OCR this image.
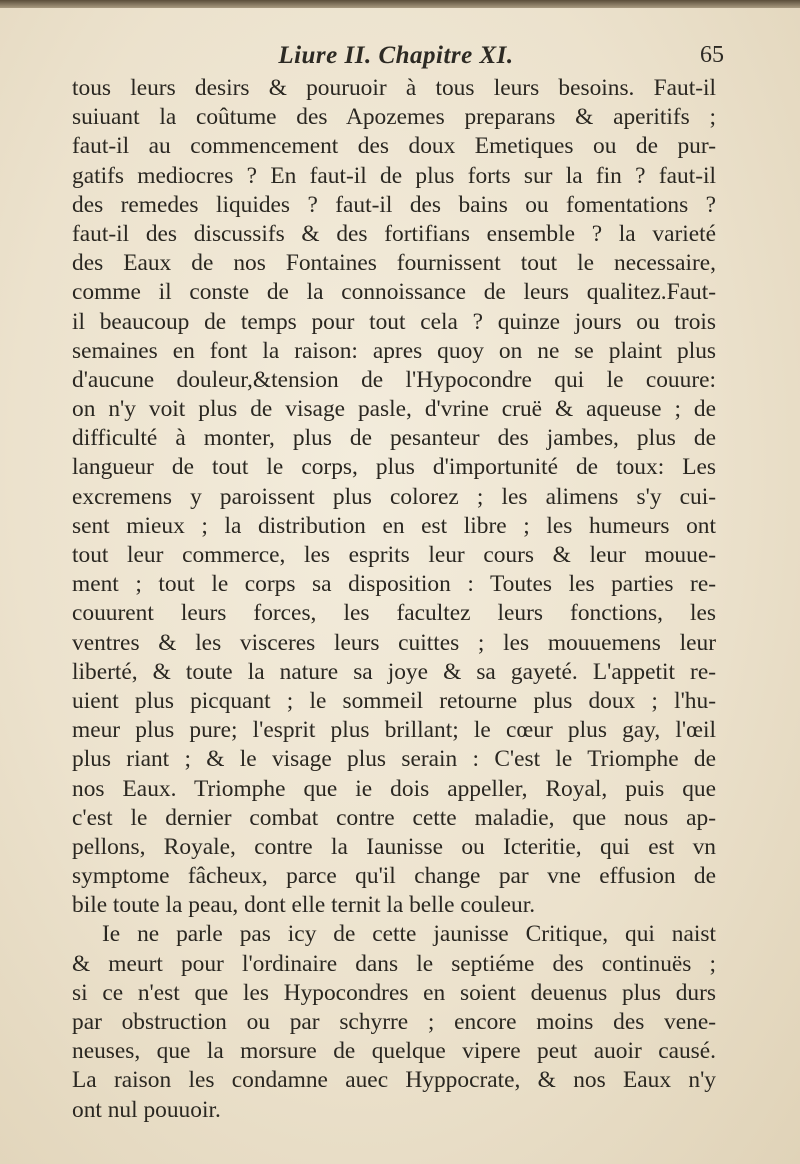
Liure II. Chapitre XI.	65
tous leurs desirs & pouruoir à tous leurs besoins. Faut-il
suiuant la coûtume des Apozemes preparans & aperitifs ;
faut-il au commencement des doux Emetiques ou de pur-
gatifs mediocres ? En faut-il de plus forts sur la fin ? faut-il
des remedes liquides ? faut-il des bains ou fomentations ?
faut-il des discussifs & des fortifians ensemble ? la varieté
des Eaux de nos Fontaines fournissent tout le necessaire,
comme il conste de la connoissance de leurs qualitez.Faut-
il beaucoup de temps pour tout cela ? quinze jours ou trois
semaines en font la raison: apres quoy on ne se plaint plus
d'aucune douleur,&tension de l'Hypocondre qui le couure:
on n'y voit plus de visage pasle, d'vrine cruë & aqueuse ; de
difficulté à monter, plus de pesanteur des jambes, plus de
langueur de tout le corps, plus d'importunité de toux: Les
excremens y paroissent plus colorez ; les alimens s'y cui-
sent mieux ; la distribution en est libre ; les humeurs ont
tout leur commerce, les esprits leur cours & leur mouue-
ment ; tout le corps sa disposition : Toutes les parties re-
couurent leurs forces, les facultez leurs fonctions, les
ventres & les visceres leurs cuittes ; les mouuemens leur
liberté, & toute la nature sa joye & sa gayeté. L'appetit re-
uient plus picquant ; le sommeil retourne plus doux ; l'hu-
meur plus pure; l'esprit plus brillant; le cœur plus gay, l'œil
plus riant ; & le visage plus serain : C'est le Triomphe de
nos Eaux. Triomphe que ie dois appeller, Royal, puis que
c'est le dernier combat contre cette maladie, que nous ap-
pellons, Royale, contre la Iaunisse ou Icteritie, qui est vn
symptome fâcheux, parce qu'il change par vne effusion de
bile toute la peau, dont elle ternit la belle couleur.
Ie ne parle pas icy de cette jaunisse Critique, qui naist
& meurt pour l'ordinaire dans le septiéme des continuës ;
si ce n'est que les Hypocondres en soient deuenus plus durs
par obstruction ou par schyrre ; encore moins des vene-
neuses, que la morsure de quelque vipere peut auoir causé.
La raison les condamne auec Hyppocrate, & nos Eaux n'y
ont nul pouuoir.
